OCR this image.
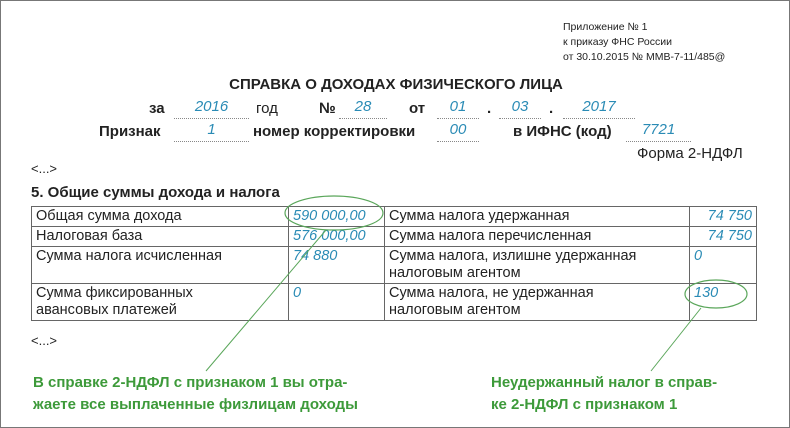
Приложение № 1
к приказу ФНС России
от 30.10.2015 № ММВ-7-11/485@
СПРАВКА О ДОХОДАХ ФИЗИЧЕСКОГО ЛИЦА
за	2016	год	№	28	от	01	.	03	.	2017
Признак	1	номер корректировки	00	в ИФНС (код)	7721
Форма 2-НДФЛ
<...>
5. Общие суммы дохода и налога
Общая сумма дохода	590 000,00	Сумма налога удержанная	74 750
Налоговая база	576 000,00	Сумма налога перечисленная	74 750
Сумма налога исчисленная	74 880	Сумма налога, излишне удержанная налоговым агентом	0
Сумма фиксированных авансовых платежей	0	Сумма налога, не удержанная налоговым агентом	130
<...>
В справке 2-НДФЛ с признаком 1 вы отра-
жаете все выплаченные физлицам доходы
Неудержанный налог в справ-
ке 2-НДФЛ с признаком 1
